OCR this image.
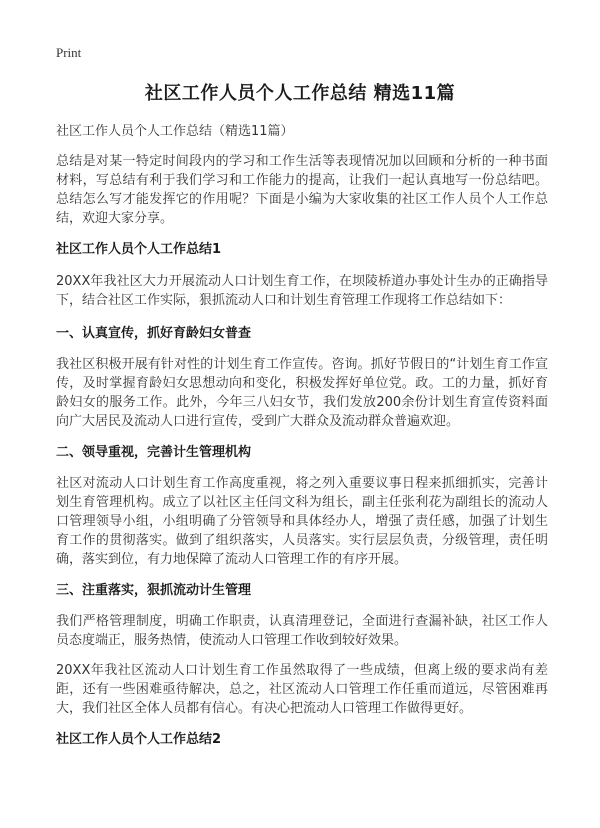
Print
社区工作人员个人工作总结 精选11篇

社区工作人员个人工作总结（精选11篇）

总结是对某一特定时间段内的学习和工作生活等表现情况加以回顾和分析的一种书面材料，写总结有利于我们学习和工作能力的提高，让我们一起认真地写一份总结吧。总结怎么写才能发挥它的作用呢？下面是小编为大家收集的社区工作人员个人工作总结，欢迎大家分享。

社区工作人员个人工作总结1

20XX年我社区大力开展流动人口计划生育工作，在坝陵桥道办事处计生办的正确指导下，结合社区工作实际，狠抓流动人口和计划生育管理工作现将工作总结如下：

一、认真宣传，抓好育龄妇女普查

我社区积极开展有针对性的计划生育工作宣传。咨询。抓好节假日的“计划生育工作宣传，及时掌握育龄妇女思想动向和变化，积极发挥好单位党。政。工的力量，抓好育龄妇女的服务工作。此外，今年三八妇女节，我们发放200余份计划生育宣传资料面向广大居民及流动人口进行宣传，受到广大群众及流动群众普遍欢迎。

二、领导重视，完善计生管理机构

社区对流动人口计划生育工作高度重视，将之列入重要议事日程来抓细抓实，完善计划生育管理机构。成立了以社区主任闫文科为组长，副主任张利花为副组长的流动人口管理领导小组，小组明确了分管领导和具体经办人，增强了责任感，加强了计划生育工作的贯彻落实。做到了组织落实，人员落实。实行层层负责，分级管理，责任明确，落实到位，有力地保障了流动人口管理工作的有序开展。

三、注重落实，狠抓流动计生管理

我们严格管理制度，明确工作职责，认真清理登记，全面进行查漏补缺，社区工作人员态度端正，服务热情，使流动人口管理工作收到较好效果。

20XX年我社区流动人口计划生育工作虽然取得了一些成绩，但离上级的要求尚有差距，还有一些困难亟待解决，总之，社区流动人口管理工作任重而道远，尽管困难再大，我们社区全体人员都有信心。有决心把流动人口管理工作做得更好。

社区工作人员个人工作总结2
